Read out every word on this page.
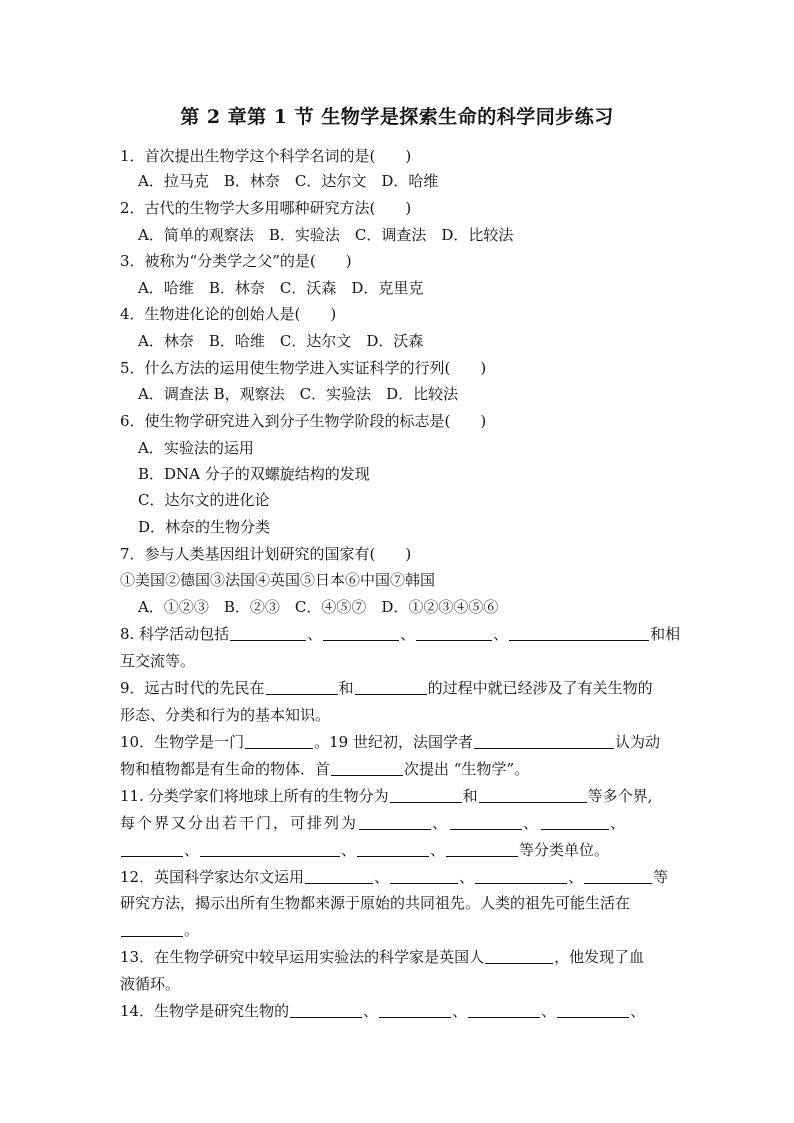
第 2 章第 1 节 生物学是探索生命的科学同步练习
1．首次提出生物学这个科学名词的是(　　)
A．拉马克　B．林奈　C．达尔文　D．哈维
2．古代的生物学大多用哪种研究方法(　　)
A．简单的观察法　B．实验法　C．调查法　D．比较法
3．被称为“分类学之父”的是(　　)
A．哈维　B．林奈　C．沃森　D．克里克
4．生物进化论的创始人是(　　)
A．林奈　B．哈维　C．达尔文　D．沃森
5．什么方法的运用使生物学进入实证科学的行列(　　)
A．调查法 B，观察法　C．实验法　D．比较法
6．使生物学研究进入到分子生物学阶段的标志是(　　)
A．实验法的运用
B．DNA 分子的双螺旋结构的发现
C．达尔文的进化论
D．林奈的生物分类
7．参与人类基因组计划研究的国家有(　　)
①美国②德国③法国④英国⑤日本⑥中国⑦韩国
A．①②③　B．②③　C．④⑤⑦　D．①②③④⑤⑥
8. 科学活动包括	、	、	、	和相
互交流等。
9．远古时代的先民在	和	的过程中就已经涉及了有关生物的
形态、分类和行为的基本知识。
10．生物学是一门	。19 世纪初，法国学者	认为动
物和植物都是有生命的物体．首	次提出 “生物学”。
11. 分类学家们将地球上所有的生物分为	和	等多个界,
每个界又分出若干门，可排列为	、	、	、
、	、	、	等分类单位。
12．英国科学家达尔文运用	、	、	、	等
研究方法，揭示出所有生物都来源于原始的共同祖先。人类的祖先可能生活在
。
13．在生物学研究中较早运用实验法的科学家是英国人	，他发现了血
液循环。
14．生物学是研究生物的	、	、	、	、
